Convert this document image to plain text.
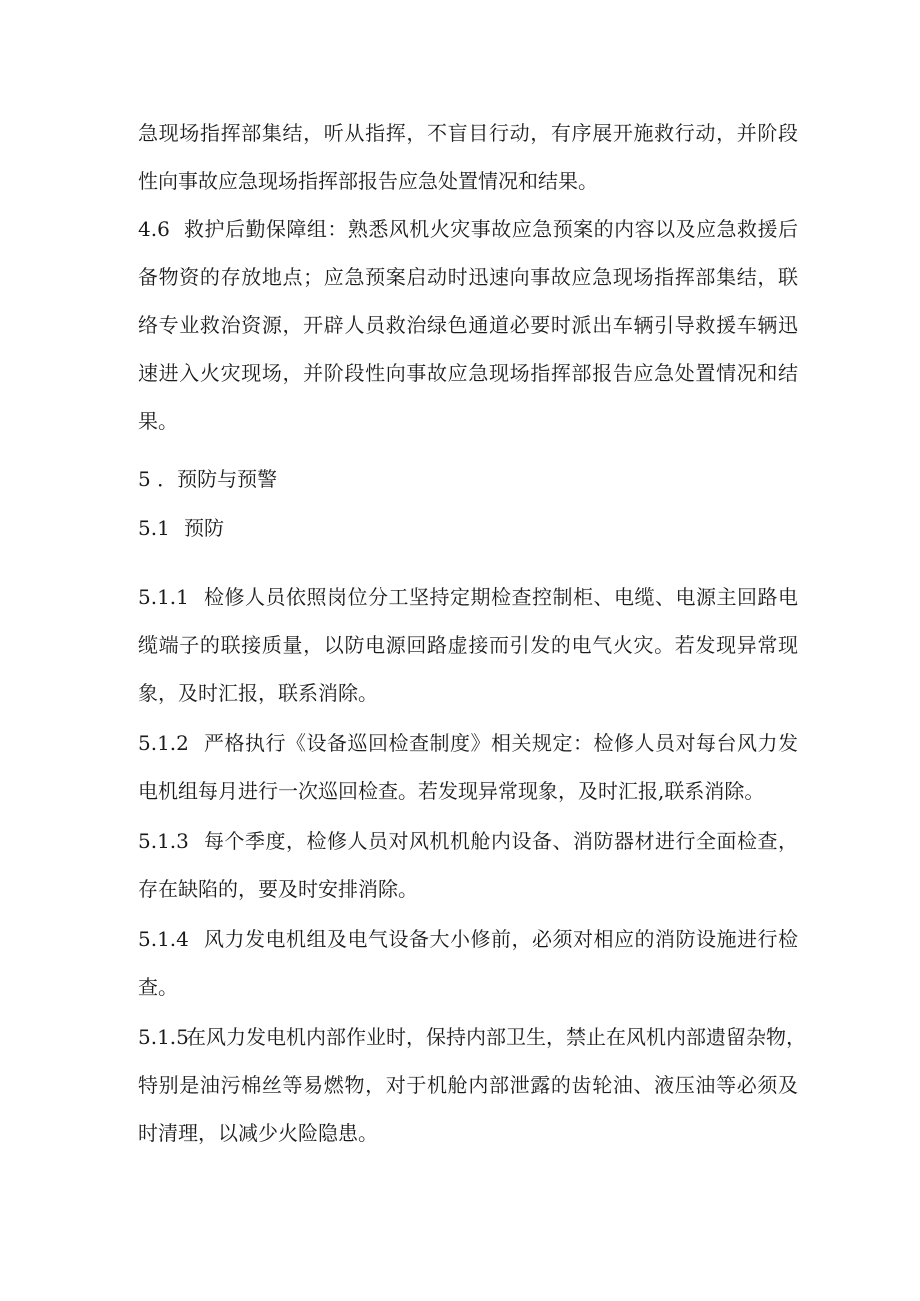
急现场指挥部集结，听从指挥，不盲目行动，有序展开施救行动，并阶段
性向事故应急现场指挥部报告应急处置情况和结果。
4.6 救护后勤保障组：熟悉风机火灾事故应急预案的内容以及应急救援后
备物资的存放地点；应急预案启动时迅速向事故应急现场指挥部集结，联
络专业救治资源，开辟人员救治绿色通道必要时派出车辆引导救援车辆迅
速进入火灾现场，并阶段性向事故应急现场指挥部报告应急处置情况和结
果。
5 ．预防与预警
5.1 预防
5.1.1 检修人员依照岗位分工坚持定期检查控制柜、电缆、电源主回路电
缆端子的联接质量，以防电源回路虚接而引发的电气火灾。若发现异常现
象，及时汇报，联系消除。
5.1.2 严格执行《设备巡回检查制度》相关规定：检修人员对每台风力发
电机组每月进行一次巡回检查。若发现异常现象，及时汇报,联系消除。
5.1.3 每个季度，检修人员对风机机舱内设备、消防器材进行全面检查，
存在缺陷的，要及时安排消除。
5.1.4 风力发电机组及电气设备大小修前，必须对相应的消防设施进行检
查。
5.1.5
在风力发电机内部作业时，保持内部卫生，禁止在风机内部遗留杂物，
特别是油污棉丝等易燃物，对于机舱内部泄露的齿轮油、液压油等必须及
时清理，以减少火险隐患。
